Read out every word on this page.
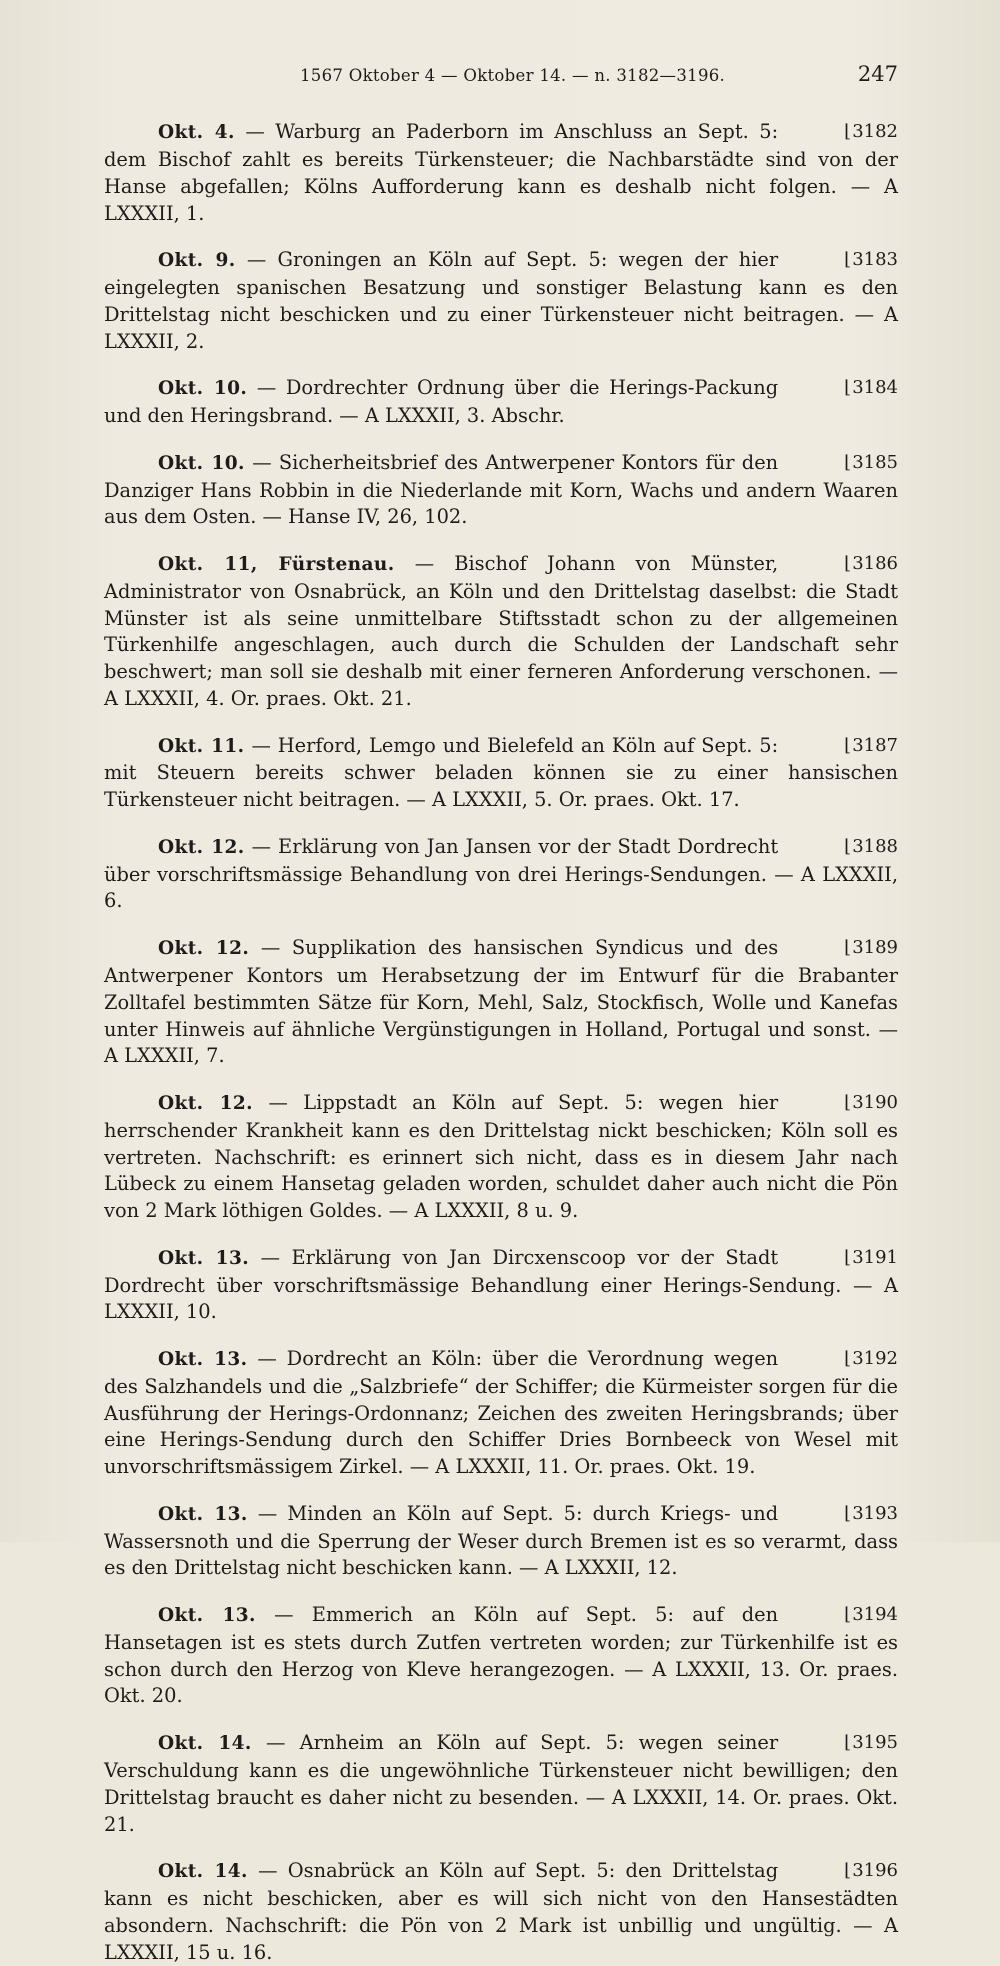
1567 Oktober 4 — Oktober 14. — n. 3182—3196.	247

⌊3182
Okt. 4. — Warburg an Paderborn im Anschluss an Sept. 5: dem Bischof zahlt es bereits Türkensteuer; die Nachbarstädte sind von der Hanse abgefallen; Kölns Aufforderung kann es deshalb nicht folgen. — A LXXXII, 1.

⌊3183
Okt. 9. — Groningen an Köln auf Sept. 5: wegen der hier eingelegten spanischen Besatzung und sonstiger Belastung kann es den Drittelstag nicht beschicken und zu einer Türkensteuer nicht beitragen. — A LXXXII, 2.

⌊3184
Okt. 10. — Dordrechter Ordnung über die Herings-Packung und den Heringsbrand. — A LXXXII, 3. Abschr.

⌊3185
Okt. 10. — Sicherheitsbrief des Antwerpener Kontors für den Danziger Hans Robbin in die Niederlande mit Korn, Wachs und andern Waaren aus dem Osten. — Hanse IV, 26, 102.

⌊3186
Okt. 11, Fürstenau. — Bischof Johann von Münster, Administrator von Osnabrück, an Köln und den Drittelstag daselbst: die Stadt Münster ist als seine unmittelbare Stiftsstadt schon zu der allgemeinen Türkenhilfe angeschlagen, auch durch die Schulden der Landschaft sehr beschwert; man soll sie deshalb mit einer ferneren Anforderung verschonen. — A LXXXII, 4. Or. praes. Okt. 21.

⌊3187
Okt. 11. — Herford, Lemgo und Bielefeld an Köln auf Sept. 5: mit Steuern bereits schwer beladen können sie zu einer hansischen Türkensteuer nicht beitragen. — A LXXXII, 5. Or. praes. Okt. 17.

⌊3188
Okt. 12. — Erklärung von Jan Jansen vor der Stadt Dordrecht über vorschriftsmässige Behandlung von drei Herings-Sendungen. — A LXXXII, 6.

⌊3189
Okt. 12. — Supplikation des hansischen Syndicus und des Antwerpener Kontors um Herabsetzung der im Entwurf für die Brabanter Zolltafel bestimmten Sätze für Korn, Mehl, Salz, Stockfisch, Wolle und Kanefas unter Hinweis auf ähnliche Vergünstigungen in Holland, Portugal und sonst. — A LXXXII, 7.

⌊3190
Okt. 12. — Lippstadt an Köln auf Sept. 5: wegen hier herrschender Krankheit kann es den Drittelstag nickt beschicken; Köln soll es vertreten. Nachschrift: es erinnert sich nicht, dass es in diesem Jahr nach Lübeck zu einem Hansetag geladen worden, schuldet daher auch nicht die Pön von 2 Mark löthigen Goldes. — A LXXXII, 8 u. 9.

⌊3191
Okt. 13. — Erklärung von Jan Dircxenscoop vor der Stadt Dordrecht über vorschriftsmässige Behandlung einer Herings-Sendung. — A LXXXII, 10.

⌊3192
Okt. 13. — Dordrecht an Köln: über die Verordnung wegen des Salzhandels und die „Salzbriefe“ der Schiffer; die Kürmeister sorgen für die Ausführung der Herings-Ordonnanz; Zeichen des zweiten Heringsbrands; über eine Herings-Sendung durch den Schiffer Dries Bornbeeck von Wesel mit unvorschriftsmässigem Zirkel. — A LXXXII, 11. Or. praes. Okt. 19.

⌊3193
Okt. 13. — Minden an Köln auf Sept. 5: durch Kriegs- und Wassersnoth und die Sperrung der Weser durch Bremen ist es so verarmt, dass es den Drittelstag nicht beschicken kann. — A LXXXII, 12.

⌊3194
Okt. 13. — Emmerich an Köln auf Sept. 5: auf den Hansetagen ist es stets durch Zutfen vertreten worden; zur Türkenhilfe ist es schon durch den Herzog von Kleve herangezogen. — A LXXXII, 13. Or. praes. Okt. 20.

⌊3195
Okt. 14. — Arnheim an Köln auf Sept. 5: wegen seiner Verschuldung kann es die ungewöhnliche Türkensteuer nicht bewilligen; den Drittelstag braucht es daher nicht zu besenden. — A LXXXII, 14. Or. praes. Okt. 21.

⌊3196
Okt. 14. — Osnabrück an Köln auf Sept. 5: den Drittelstag kann es nicht beschicken, aber es will sich nicht von den Hansestädten absondern. Nachschrift: die Pön von 2 Mark ist unbillig und ungültig. — A LXXXII, 15 u. 16.
